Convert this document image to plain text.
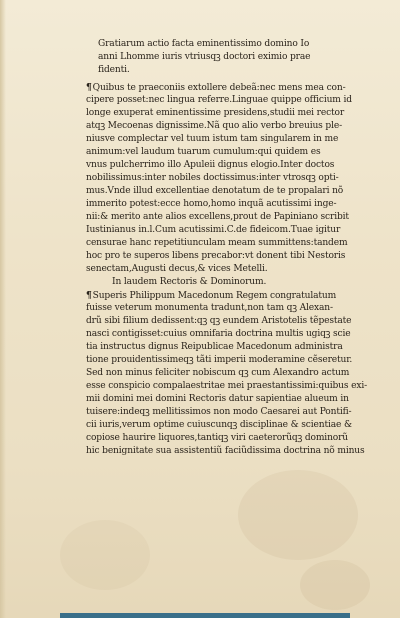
Gratiarum actio facta eminentissimo domino Io
anni Lhomme iuris vtriusqꝫ doctori eximio prae
fidenti.
¶Quibus te praeconiis extollere debeã:nec mens mea con-
cipere posset:nec lingua referre.Linguae quippe officium id
longe exuperat eminentissime presidens,studii mei rector
atqꝫ Mecoenas dignissime.Nã quo alio verbo breuius ple-
niusve complectar vel tuum istum tam singularem in me
animum:vel laudum tuarum cumulum:qui quidem es
vnus pulcherrimo illo Apuleii dignus elogio.Inter doctos
nobilissimus:inter nobiles doctissimus:inter vtrosqꝫ opti-
mus.Vnde illud excellentiae denotatum de te propalari nõ
immerito potest:ecce homo,homo inquã acutissimi inge-
nii:& merito ante alios excellens,prout de Papiniano scribit
Iustinianus in.l.Cum acutissimi.C.de fideicom.Tuae igitur
censurae hanc repetitiunculam meam summittens:tandem
hoc pro te superos libens precabor:vt donent tibi Nestoris
senectam,Augusti decus,& vices Metelli.
In laudem Rectoris & Dominorum.
¶Superis Philippum Macedonum Regem congratulatum
fuisse veterum monumenta tradunt,non tam qꝫ Alexan-
drũ sibi filium dedissent:qꝫ qꝫ eundem Aristotelis tẽpestate
nasci contigisset:cuius omnifaria doctrina multis ugiqꝫ scie
tia instructus dignus Reipublicae Macedonum administra
tione prouidentissimeqꝫ tãti imperii moderamine cẽseretur.
Sed non minus feliciter nobiscum qꝫ cum Alexandro actum
esse conspicio compalaestritae mei praestantissimi:quibus exi-
mii domini mei domini Rectoris datur sapientiae alueum in
tuisere:indeqꝫ mellitissimos non modo Caesarei aut Pontifi-
cii iuris,verum optime cuiuscunqꝫ disciplinae & scientiae &
copiose haurire liquores,tantiqꝫ viri caeterorũqꝫ dominorũ
hic benignitate sua assistentiũ faciũdissima doctrina nõ minus
